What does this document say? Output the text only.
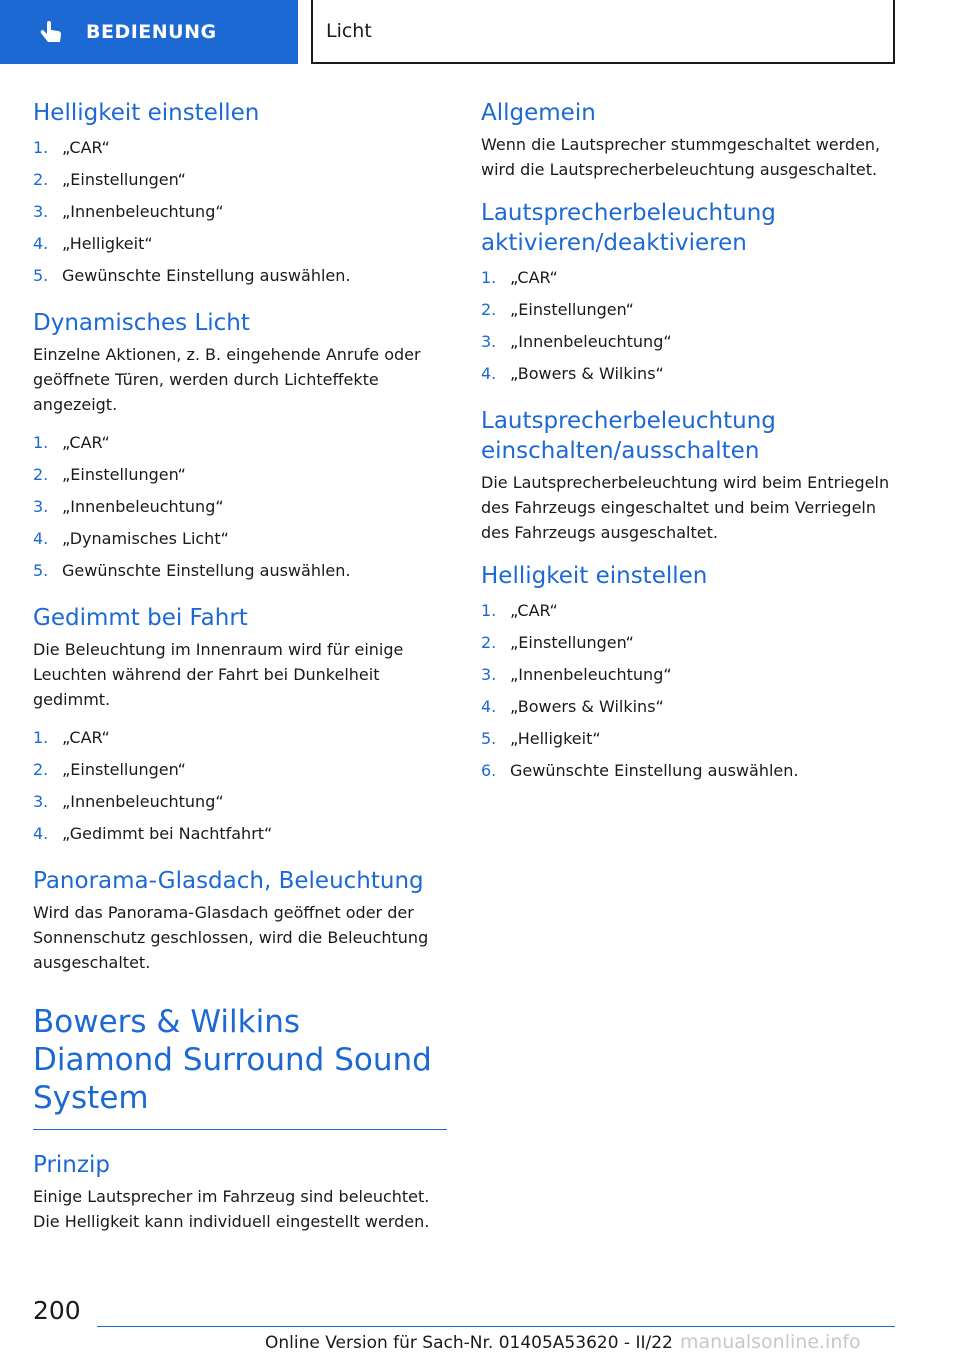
BEDIENUNG	Licht
Helligkeit einstellen
1. „CAR“
2. „Einstellungen“
3. „Innenbeleuchtung“
4. „Helligkeit“
5. Gewünschte Einstellung auswählen.
Dynamisches Licht

Einzelne Aktionen, z. B. eingehende Anrufe oder geöffnete Türen, werden durch Lichteffekte angezeigt.

1. „CAR“
2. „Einstellungen“
3. „Innenbeleuchtung“
4. „Dynamisches Licht“
5. Gewünschte Einstellung auswählen.
Gedimmt bei Fahrt

Die Beleuchtung im Innenraum wird für einige Leuchten während der Fahrt bei Dunkelheit gedimmt.

1. „CAR“
2. „Einstellungen“
3. „Innenbeleuchtung“
4. „Gedimmt bei Nachtfahrt“
Panorama-Glasdach, Beleuchtung

Wird das Panorama-Glasdach geöffnet oder der Sonnenschutz geschlossen, wird die Beleuchtung ausgeschaltet.

Bowers & Wilkins Diamond Surround Sound System
Prinzip

Einige Lautsprecher im Fahrzeug sind beleuchtet. Die Helligkeit kann individuell eingestellt werden.

Allgemein

Wenn die Lautsprecher stummgeschaltet werden, wird die Lautsprecherbeleuchtung ausgeschaltet.

Lautsprecherbeleuchtung aktivieren/deaktivieren
1. „CAR“
2. „Einstellungen“
3. „Innenbeleuchtung“
4. „Bowers & Wilkins“
Lautsprecherbeleuchtung einschalten/ausschalten

Die Lautsprecherbeleuchtung wird beim Entriegeln des Fahrzeugs eingeschaltet und beim Verriegeln des Fahrzeugs ausgeschaltet.

Helligkeit einstellen
1. „CAR“
2. „Einstellungen“
3. „Innenbeleuchtung“
4. „Bowers & Wilkins“
5. „Helligkeit“
6. Gewünschte Einstellung auswählen.
200
Online Version für Sach-Nr. 01405A53620 - II/22 manualsonline.info
